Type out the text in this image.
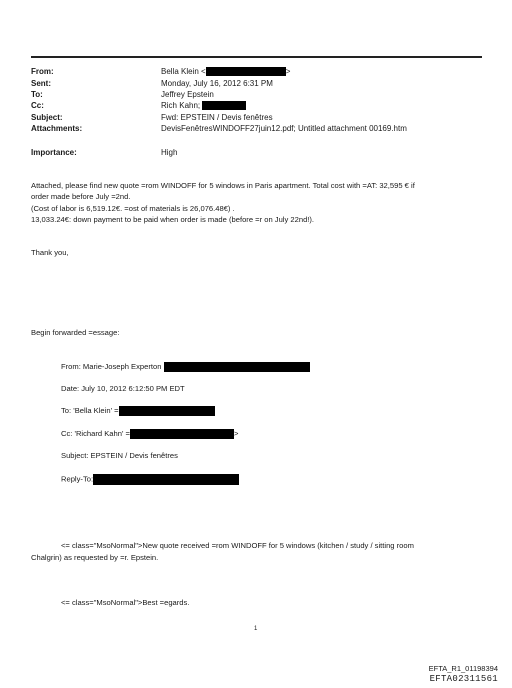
From:	Bella Klein <	>
Sent:	Monday, July 16, 2012 6:31 PM
To:	Jeffrey Epstein
Cc:	Rich Kahn;
Subject:	Fwd: EPSTEIN / Devis fenêtres
Attachments:	DevisFenêtresWINDOFF27juin12.pdf; Untitled attachment 00169.htm
Importance:	High
Attached, please find new quote =rom WINDOFF for 5 windows in Paris apartment. Total cost with =AT: 32,595 € if
order made before July =2nd.
(Cost of labor is 6,519.12€. =ost of materials is 26,076.48€) .
13,033.24€: down payment to be paid when order is made (before =r on July 22nd!).
Thank you,
Begin forwarded =essage:
From: Marie-Joseph Experton
Date: July 10, 2012 6:12:50 PM EDT
To: 'Bella Klein' =
Cc: 'Richard Kahn' =	>
Subject: EPSTEIN / Devis fenêtres
Reply-To:
<= class="MsoNormal">New quote received =rom WINDOFF for 5 windows (kitchen / study / sitting room
Chalgrin) as requested by =r. Epstein.
<= class="MsoNormal">Best =egards.
1
EFTA_R1_01198394
EFTA02311561
